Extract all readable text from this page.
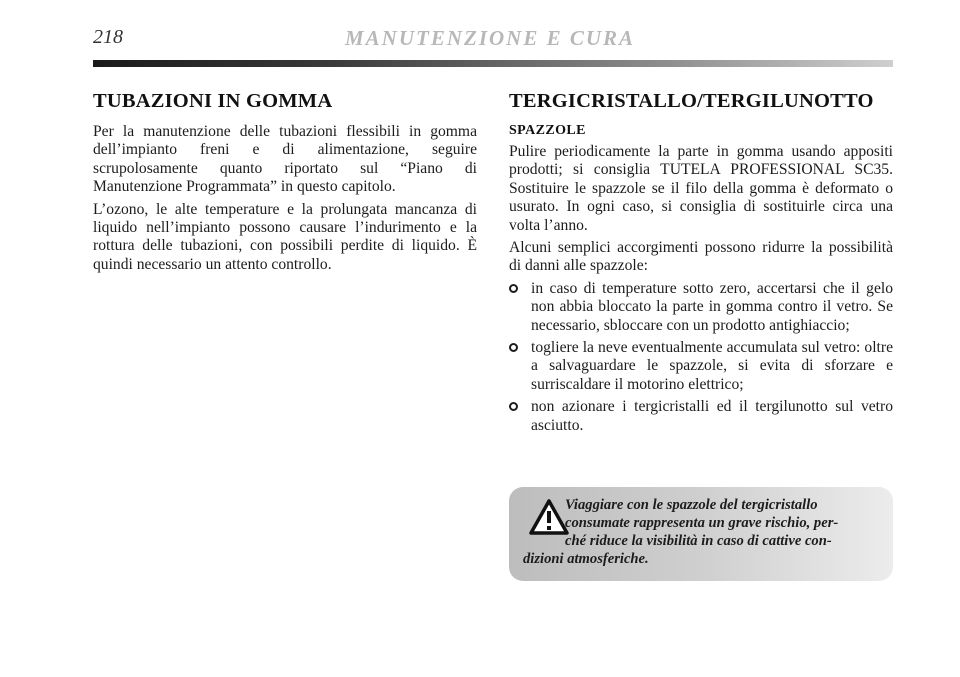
218	MANUTENZIONE E CURA
TUBAZIONI IN GOMMA

Per la manutenzione delle tubazioni flessibili in gomma dell’impianto freni e di alimentazione, seguire scrupolosamente quanto riportato sul “Piano di Manutenzione Programmata” in questo capitolo.

L’ozono, le alte temperature e la prolungata mancanza di liquido nell’impianto possono causare l’indurimento e la rottura delle tubazioni, con possibili perdite di liquido. È quindi necessario un attento controllo.

TERGICRISTALLO/TERGILUNOTTO
SPAZZOLE

Pulire periodicamente la parte in gomma usando appositi prodotti; si consiglia TUTELA PROFESSIONAL SC35. Sostituire le spazzole se il filo della gomma è deformato o usurato. In ogni caso, si consiglia di sostituirle circa una volta l’anno.

Alcuni semplici accorgimenti possono ridurre la possibilità di danni alle spazzole:

in caso di temperature sotto zero, accertarsi che il gelo non abbia bloccato la parte in gomma contro il vetro. Se necessario, sbloccare con un prodotto antighiaccio;
togliere la neve eventualmente accumulata sul vetro: oltre a salvaguardare le spazzole, si evita di sforzare e surriscaldare il motorino elettrico;
non azionare i tergicristalli ed il tergilunotto sul vetro asciutto.
Viaggiare con le spazzole del tergicristallo
consumate rappresenta un grave rischio, per-
ché riduce la visibilità in caso di cattive con-
dizioni atmosferiche.
